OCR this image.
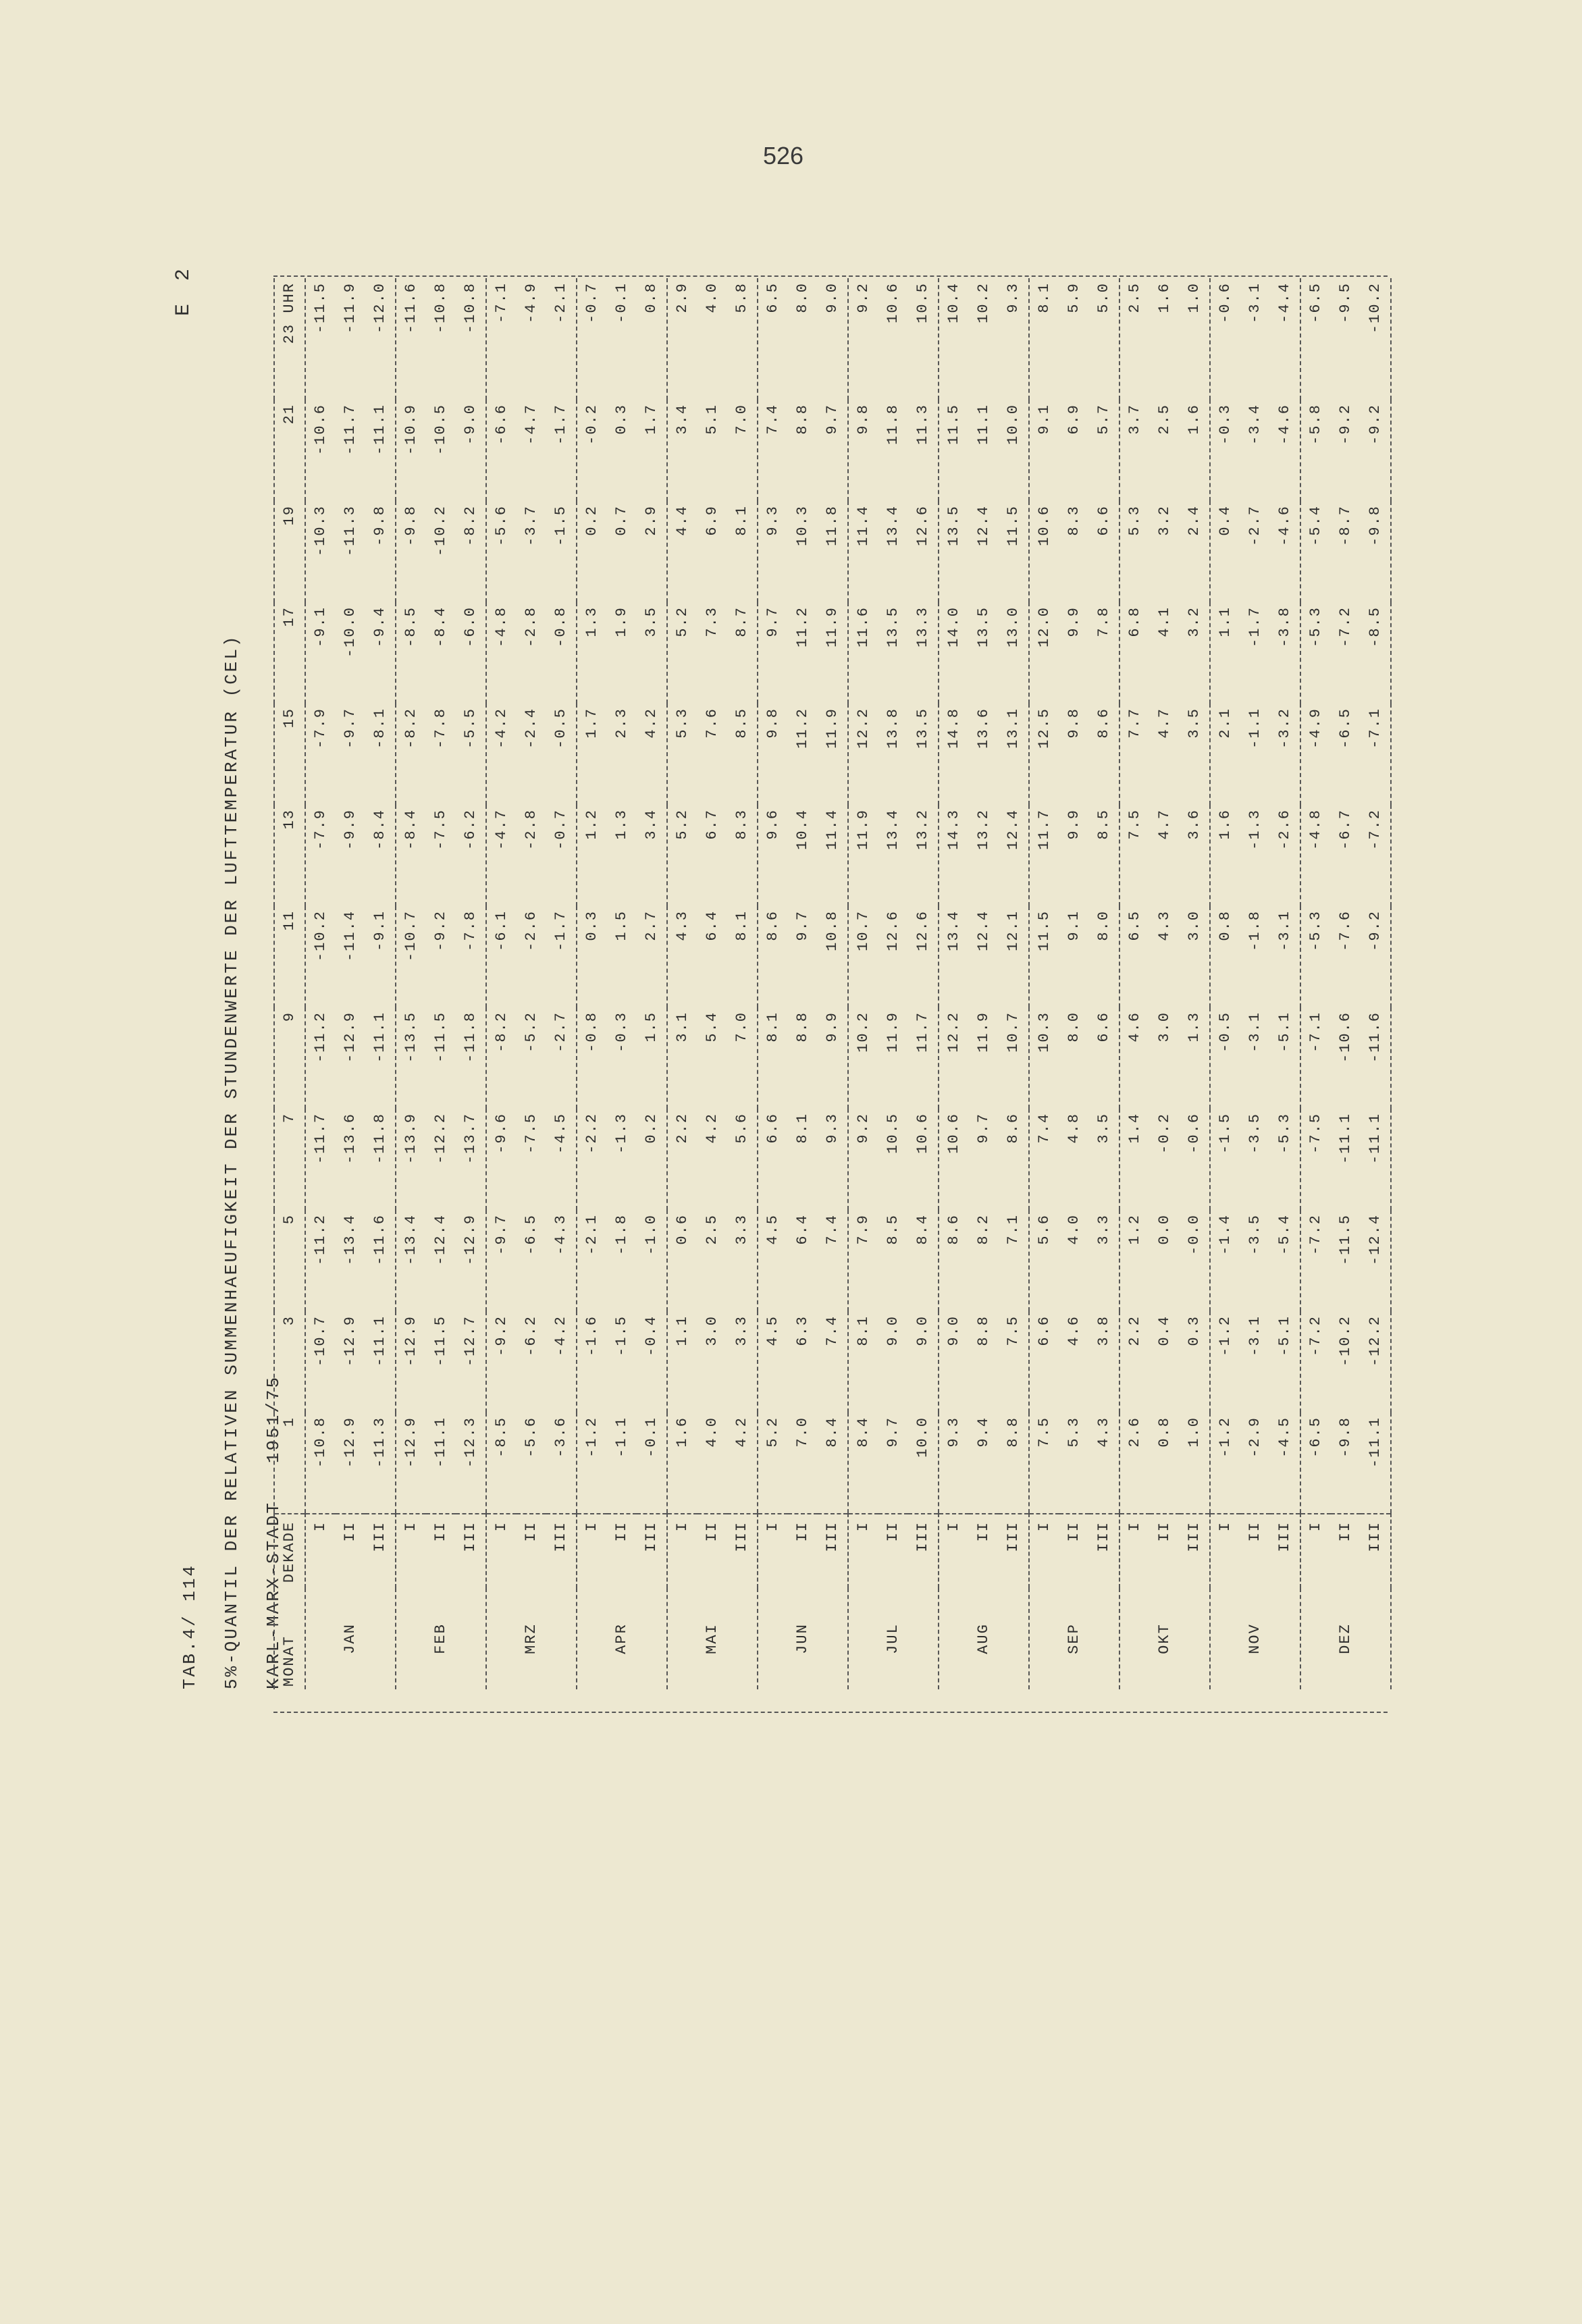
526
TAB.4/ 114	5%-QUANTIL DER RELATIVEN SUMMENHAEUFIGKEIT DER STUNDENWERTE DER LUFTTEMPERATUR (CEL)	KARL-MARX-STADT   1951/75
E 2
MONAT	DEKADE	1	3	5	7	9	11	13	15	17	19	21	23 UHR
	I	-10.8	-10.7	-11.2	-11.7	-11.2	-10.2	-7.9	-7.9	-9.1	-10.3	-10.6	-11.5
JAN	II	-12.9	-12.9	-13.4	-13.6	-12.9	-11.4	-9.9	-9.7	-10.0	-11.3	-11.7	-11.9
	III	-11.3	-11.1	-11.6	-11.8	-11.1	-9.1	-8.4	-8.1	-9.4	-9.8	-11.1	-12.0
	I	-12.9	-12.9	-13.4	-13.9	-13.5	-10.7	-8.4	-8.2	-8.5	-9.8	-10.9	-11.6
FEB	II	-11.1	-11.5	-12.4	-12.2	-11.5	-9.2	-7.5	-7.8	-8.4	-10.2	-10.5	-10.8
	III	-12.3	-12.7	-12.9	-13.7	-11.8	-7.8	-6.2	-5.5	-6.0	-8.2	-9.0	-10.8
	I	-8.5	-9.2	-9.7	-9.6	-8.2	-6.1	-4.7	-4.2	-4.8	-5.6	-6.6	-7.1
MRZ	II	-5.6	-6.2	-6.5	-7.5	-5.2	-2.6	-2.8	-2.4	-2.8	-3.7	-4.7	-4.9
	III	-3.6	-4.2	-4.3	-4.5	-2.7	-1.7	-0.7	-0.5	-0.8	-1.5	-1.7	-2.1
	I	-1.2	-1.6	-2.1	-2.2	-0.8	0.3	1.2	1.7	1.3	0.2	-0.2	-0.7
APR	II	-1.1	-1.5	-1.8	-1.3	-0.3	1.5	1.3	2.3	1.9	0.7	0.3	-0.1
	III	-0.1	-0.4	-1.0	0.2	1.5	2.7	3.4	4.2	3.5	2.9	1.7	0.8
	I	1.6	1.1	0.6	2.2	3.1	4.3	5.2	5.3	5.2	4.4	3.4	2.9
MAI	II	4.0	3.0	2.5	4.2	5.4	6.4	6.7	7.6	7.3	6.9	5.1	4.0
	III	4.2	3.3	3.3	5.6	7.0	8.1	8.3	8.5	8.7	8.1	7.0	5.8
	I	5.2	4.5	4.5	6.6	8.1	8.6	9.6	9.8	9.7	9.3	7.4	6.5
JUN	II	7.0	6.3	6.4	8.1	8.8	9.7	10.4	11.2	11.2	10.3	8.8	8.0
	III	8.4	7.4	7.4	9.3	9.9	10.8	11.4	11.9	11.9	11.8	9.7	9.0
	I	8.4	8.1	7.9	9.2	10.2	10.7	11.9	12.2	11.6	11.4	9.8	9.2
JUL	II	9.7	9.0	8.5	10.5	11.9	12.6	13.4	13.8	13.5	13.4	11.8	10.6
	III	10.0	9.0	8.4	10.6	11.7	12.6	13.2	13.5	13.3	12.6	11.3	10.5
	I	9.3	9.0	8.6	10.6	12.2	13.4	14.3	14.8	14.0	13.5	11.5	10.4
AUG	II	9.4	8.8	8.2	9.7	11.9	12.4	13.2	13.6	13.5	12.4	11.1	10.2
	III	8.8	7.5	7.1	8.6	10.7	12.1	12.4	13.1	13.0	11.5	10.0	9.3
	I	7.5	6.6	5.6	7.4	10.3	11.5	11.7	12.5	12.0	10.6	9.1	8.1
SEP	II	5.3	4.6	4.0	4.8	8.0	9.1	9.9	9.8	9.9	8.3	6.9	5.9
	III	4.3	3.8	3.3	3.5	6.6	8.0	8.5	8.6	7.8	6.6	5.7	5.0
	I	2.6	2.2	1.2	1.4	4.6	6.5	7.5	7.7	6.8	5.3	3.7	2.5
OKT	II	0.8	0.4	0.0	-0.2	3.0	4.3	4.7	4.7	4.1	3.2	2.5	1.6
	III	1.0	0.3	-0.0	-0.6	1.3	3.0	3.6	3.5	3.2	2.4	1.6	1.0
	I	-1.2	-1.2	-1.4	-1.5	-0.5	0.8	1.6	2.1	1.1	0.4	-0.3	-0.6
NOV	II	-2.9	-3.1	-3.5	-3.5	-3.1	-1.8	-1.3	-1.1	-1.7	-2.7	-3.4	-3.1
	III	-4.5	-5.1	-5.4	-5.3	-5.1	-3.1	-2.6	-3.2	-3.8	-4.6	-4.6	-4.4
	I	-6.5	-7.2	-7.2	-7.5	-7.1	-5.3	-4.8	-4.9	-5.3	-5.4	-5.8	-6.5
DEZ	II	-9.8	-10.2	-11.5	-11.1	-10.6	-7.6	-6.7	-6.5	-7.2	-8.7	-9.2	-9.5
	III	-11.1	-12.2	-12.4	-11.1	-11.6	-9.2	-7.2	-7.1	-8.5	-9.8	-9.2	-10.2
